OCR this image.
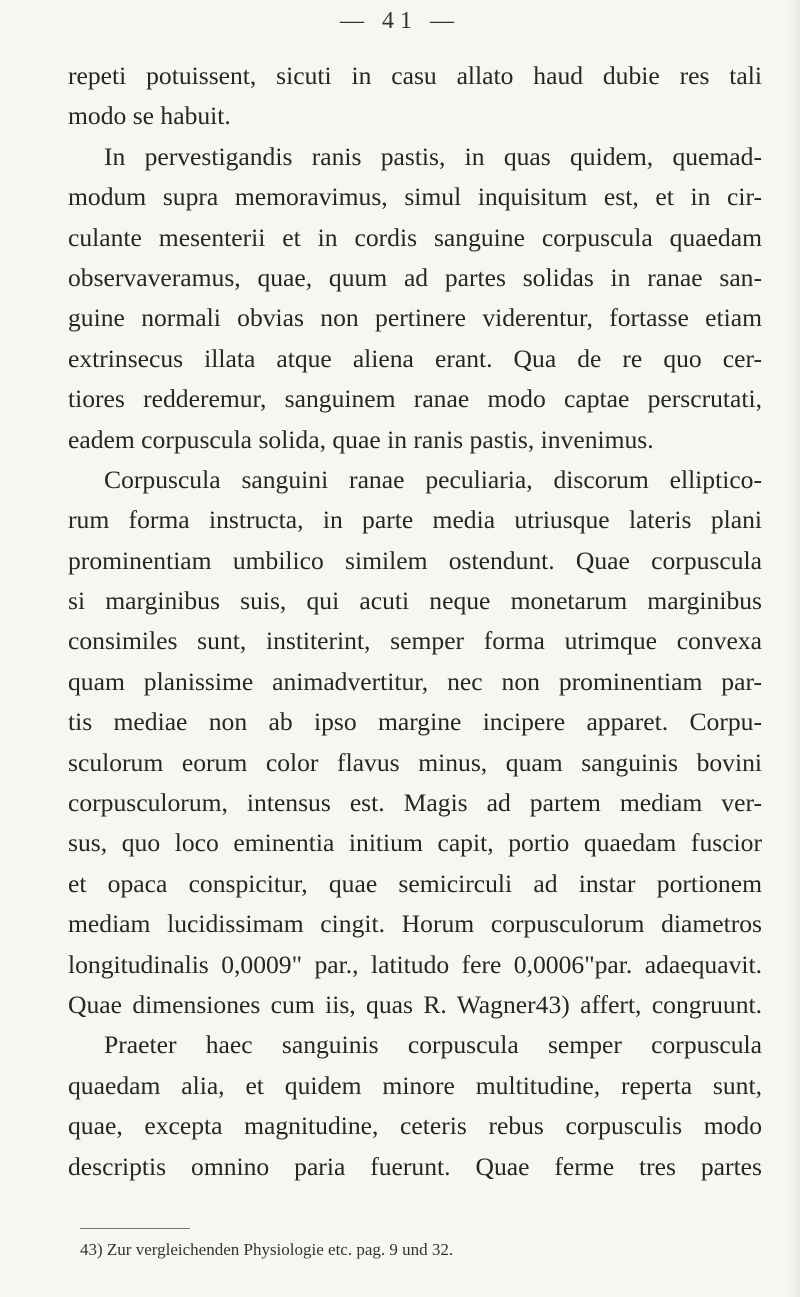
— 41 —
repeti potuissent, sicuti in casu allato haud dubie res tali
modo se habuit.
In pervestigandis ranis pastis, in quas quidem, quemad-
modum supra memoravimus, simul inquisitum est, et in cir-
culante mesenterii et in cordis sanguine corpuscula quaedam
observaveramus, quae, quum ad partes solidas in ranae san-
guine normali obvias non pertinere viderentur, fortasse etiam
extrinsecus illata atque aliena erant. Qua de re quo cer-
tiores redderemur, sanguinem ranae modo captae perscrutati,
eadem corpuscula solida, quae in ranis pastis, invenimus.
Corpuscula sanguini ranae peculiaria, discorum elliptico-
rum forma instructa, in parte media utriusque lateris plani
prominentiam umbilico similem ostendunt. Quae corpuscula
si marginibus suis, qui acuti neque monetarum marginibus
consimiles sunt, institerint, semper forma utrimque convexa
quam planissime animadvertitur, nec non prominentiam par-
tis mediae non ab ipso margine incipere apparet. Corpu-
sculorum eorum color flavus minus, quam sanguinis bovini
corpusculorum, intensus est. Magis ad partem mediam ver-
sus, quo loco eminentia initium capit, portio quaedam fuscior
et opaca conspicitur, quae semicirculi ad instar portionem
mediam lucidissimam cingit. Horum corpusculorum diametros
longitudinalis 0,0009" par., latitudo fere 0,0006"par. adaequavit.
Quae dimensiones cum iis, quas R. Wagner43) affert, congruunt.
Praeter haec sanguinis corpuscula semper corpuscula
quaedam alia, et quidem minore multitudine, reperta sunt,
quae, excepta magnitudine, ceteris rebus corpusculis modo
descriptis omnino paria fuerunt. Quae ferme tres partes
43) Zur vergleichenden Physiologie etc. pag. 9 und 32.
